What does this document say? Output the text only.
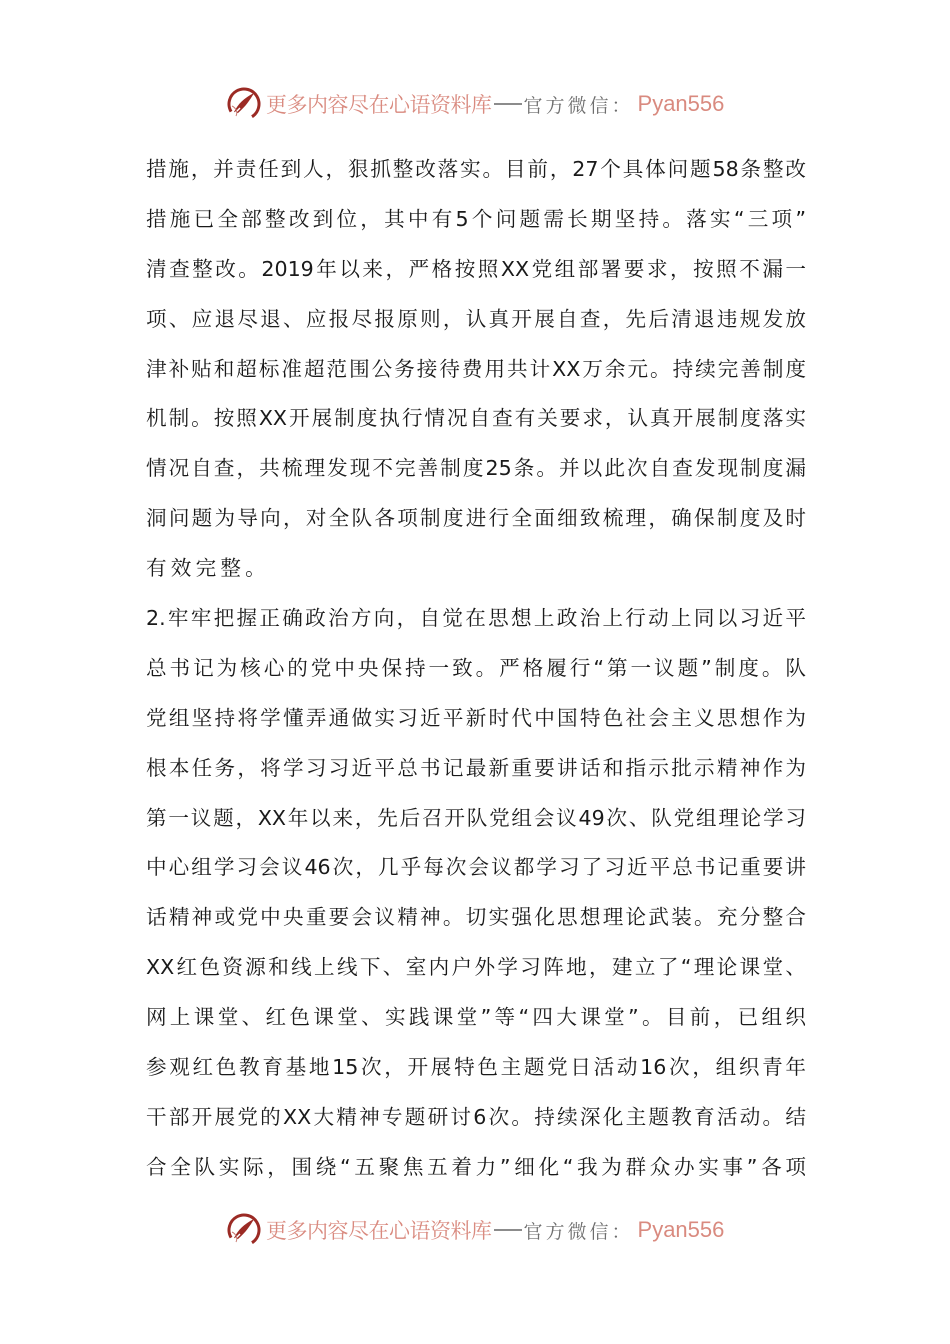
更多内容尽在心语资料库 官方微信： Pyan556
措施，并责任到人，狠抓整改落实。目前，27个具体问题58条整改
措施已全部整改到位，其中有5个问题需长期坚持。落实“三项”
清查整改。2019年以来，严格按照XX党组部署要求，按照不漏一
项、应退尽退、应报尽报原则，认真开展自查，先后清退违规发放
津补贴和超标准超范围公务接待费用共计XX万余元。持续完善制度
机制。按照XX开展制度执行情况自查有关要求，认真开展制度落实
情况自查，共梳理发现不完善制度25条。并以此次自查发现制度漏
洞问题为导向，对全队各项制度进行全面细致梳理，确保制度及时
有效完整。
2.牢牢把握正确政治方向，自觉在思想上政治上行动上同以习近平
总书记为核心的党中央保持一致。严格履行“第一议题”制度。队
党组坚持将学懂弄通做实习近平新时代中国特色社会主义思想作为
根本任务，将学习习近平总书记最新重要讲话和指示批示精神作为
第一议题，XX年以来，先后召开队党组会议49次、队党组理论学习
中心组学习会议46次，几乎每次会议都学习了习近平总书记重要讲
话精神或党中央重要会议精神。切实强化思想理论武装。充分整合
XX红色资源和线上线下、室内户外学习阵地，建立了“理论课堂、
网上课堂、红色课堂、实践课堂”等“四大课堂”。目前，已组织
参观红色教育基地15次，开展特色主题党日活动16次，组织青年
干部开展党的XX大精神专题研讨6次。持续深化主题教育活动。结
合全队实际，围绕“五聚焦五着力”细化“我为群众办实事”各项
更多内容尽在心语资料库 官方微信： Pyan556
